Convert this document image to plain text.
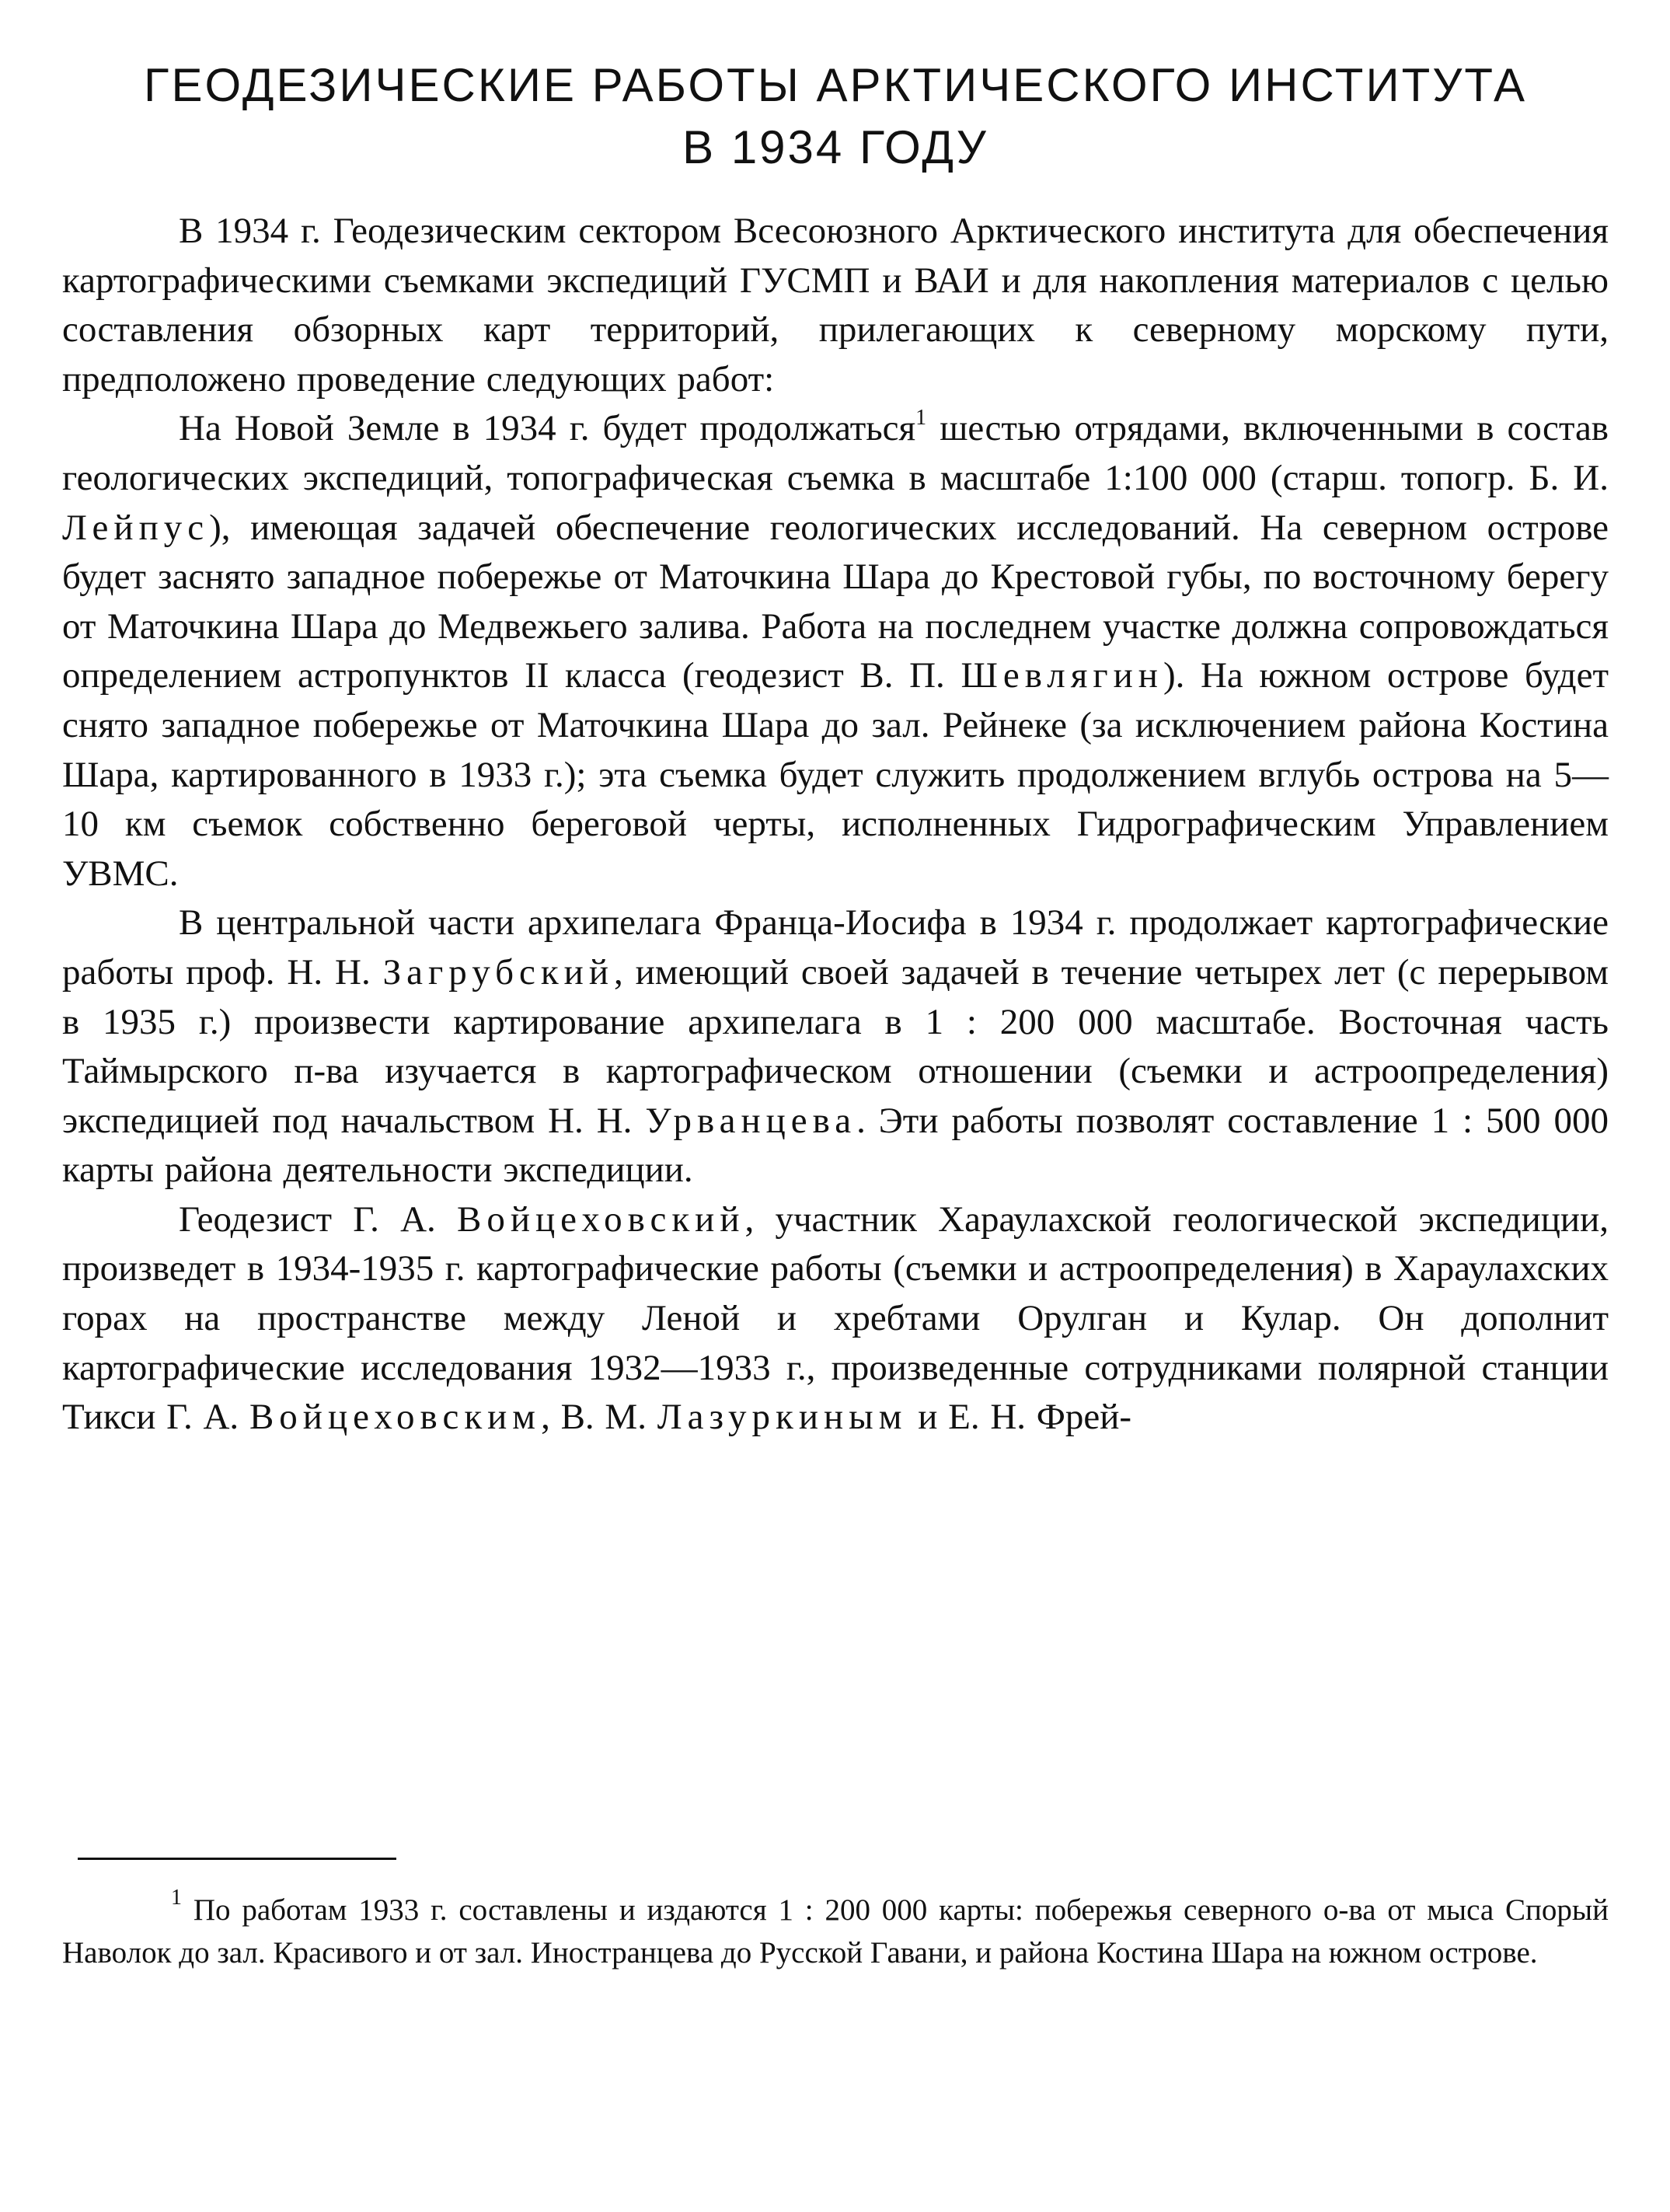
ГЕОДЕЗИЧЕСКИЕ РАБОТЫ АРКТИЧЕСКОГО ИНСТИТУТА
В 1934 ГОДУ

В 1934 г. Геодезическим сектором Всесоюзного Арктического института для обеспечения картографическими съемками экспедиций ГУСМП и ВАИ и для накопления материалов с целью составления обзорных карт территорий, прилегающих к северному морскому пути, предположено проведение следующих работ:

На Новой Земле в 1934 г. будет продолжаться$^1$ шестью отрядами, включенными в состав геологических экспедиций, топографическая съемка в масштабе 1:100 000 (старш. топогр. Б. И. Лейпус), имеющая задачей обеспечение геологических исследований. На северном острове будет заснято западное побережье от Маточкина Шара до Крестовой губы, по восточному берегу от Маточкина Шара до Медвежьего залива. Работа на последнем участке должна сопровождаться определением астропунктов II класса (геодезист В. П. Шевлягин). На южном острове будет снято западное побережье от Маточкина Шара до зал. Рейнеке (за исключением района Костина Шара, картированного в 1933 г.); эта съемка будет служить продолжением вглубь острова на 5—10 км съемок собственно береговой черты, исполненных Гидрографическим Управлением УВМС.

В центральной части архипелага Франца-Иосифа в 1934 г. продолжает картографические работы проф. Н. Н. Загрубский, имеющий своей задачей в течение четырех лет (с перерывом в 1935 г.) произвести картирование архипелага в 1 : 200 000 масштабе. Восточная часть Таймырского п-ва изучается в картографическом отношении (съемки и астроопределения) экспедицией под начальством Н. Н. Урванцева. Эти работы позволят составление 1 : 500 000 карты района деятельности экспедиции.

Геодезист Г. А. Войцеховский, участник Хараулахской геологической экспедиции, произведет в 1934-1935 г. картографические работы (съемки и астроопределения) в Хараулахских горах на пространстве между Леной и хребтами Орулган и Кулар. Он дополнит картографические исследования 1932—1933 г., произведенные сотрудниками полярной станции Тикси Г. А. Войцеховским, В. М. Лазуркиным и Е. Н. Фрей-

$^1$ По работам 1933 г. составлены и издаются 1 : 200 000 карты: побережья северного о-ва от мыса Спорый Наволок до зал. Красивого и от зал. Иностранцева до Русской Гавани, и района Костина Шара на южном острове.
